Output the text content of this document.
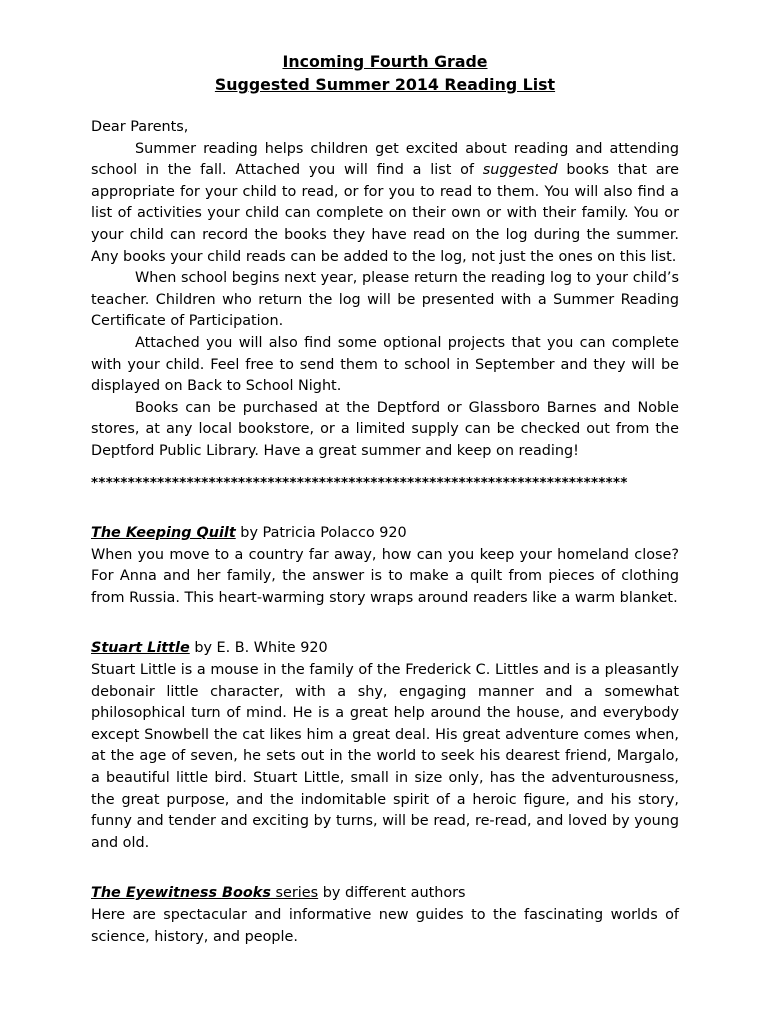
Incoming Fourth Grade

Suggested Summer 2014 Reading List

Dear Parents,

Summer reading helps children get excited about reading and attending school in the fall. Attached you will find a list of suggested books that are appropriate for your child to read, or for you to read to them. You will also find a list of activities your child can complete on their own or with their family. You or your child can record the books they have read on the log during the summer. Any books your child reads can be added to the log, not just the ones on this list.

When school begins next year, please return the reading log to your child’s teacher. Children who return the log will be presented with a Summer Reading Certificate of Participation.

Attached you will also find some optional projects that you can complete with your child. Feel free to send them to school in September and they will be displayed on Back to School Night.

Books can be purchased at the Deptford or Glassboro Barnes and Noble stores, at any local bookstore, or a limited supply can be checked out from the Deptford Public Library. Have a great summer and keep on reading!

*************************************************************************

The Keeping Quilt by Patricia Polacco 920

When you move to a country far away, how can you keep your homeland close? For Anna and her family, the answer is to make a quilt from pieces of clothing from Russia. This heart-warming story wraps around readers like a warm blanket.

Stuart Little by E. B. White 920

Stuart Little is a mouse in the family of the Frederick C. Littles and is a pleasantly debonair little character, with a shy, engaging manner and a somewhat philosophical turn of mind. He is a great help around the house, and everybody except Snowbell the cat likes him a great deal. His great adventure comes when, at the age of seven, he sets out in the world to seek his dearest friend, Margalo, a beautiful little bird. Stuart Little, small in size only, has the adventurousness, the great purpose, and the indomitable spirit of a heroic figure, and his story, funny and tender and exciting by turns, will be read, re-read, and loved by young and old.

The Eyewitness Books series by different authors

Here are spectacular and informative new guides to the fascinating worlds of science, history, and people.
